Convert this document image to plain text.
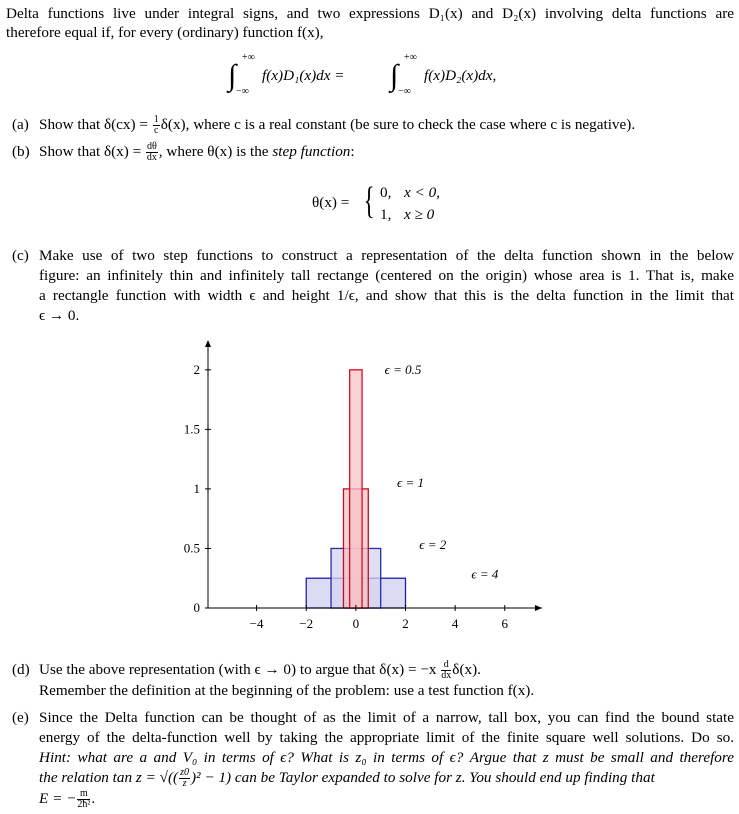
Delta functions live under integral signs, and two expressions D₁(x) and D₂(x) involving delta functions are
therefore equal if, for every (ordinary) function f(x),
∫
+∞
−∞
f(x)D₁(x)dx = ∫
+∞
−∞
f(x)D₂(x)dx,
(a) Show that $\delta(cx) = \frac{1}{c} \delta(x)$, where c is a real constant (be sure to check the case where c is negative).
(b) Show that $\delta(x) = \frac{d\theta}{dx}$ , where θ(x) is the step function:
θ(x) = { 0, x < 0,
1, x ≥ 0
(c) Make use of two step functions to construct a representation of the delta function shown in the below
figure: an infinitely thin and infinitely tall rectange (centered on the origin) whose area is 1. That is, make
a rectangle function with width ϵ and height 1/ϵ, and show that this is the delta function in the limit that
ϵ → 0.
−4	−2	0	2	4	6
0
0.5
1
1.5
2	ϵ = 0.5
ϵ = 1
ϵ = 2
ϵ = 4
(d) Use the above representation (with ϵ → 0) to argue that $\delta(x) = -x \frac{d}{dx} \delta(x)$.
Remember the definition at the beginning of the problem: use a test function f(x).
(e) Since the Delta function can be thought of as the limit of a narrow, tall box, you can find the bound state
energy of the delta-function well by taking the appropriate limit of the finite square well solutions. Do so.
Hint: what are a and V₀ in terms of ϵ? What is z₀ in terms of ϵ? Argue that z must be small and therefore
the relation tan z = √(( $\frac{z0}{z} )^2 - 1$) can be Taylor expanded to solve for z. You should end up finding that
E = − $\frac{m}{\text{2ħ²}}$ .
